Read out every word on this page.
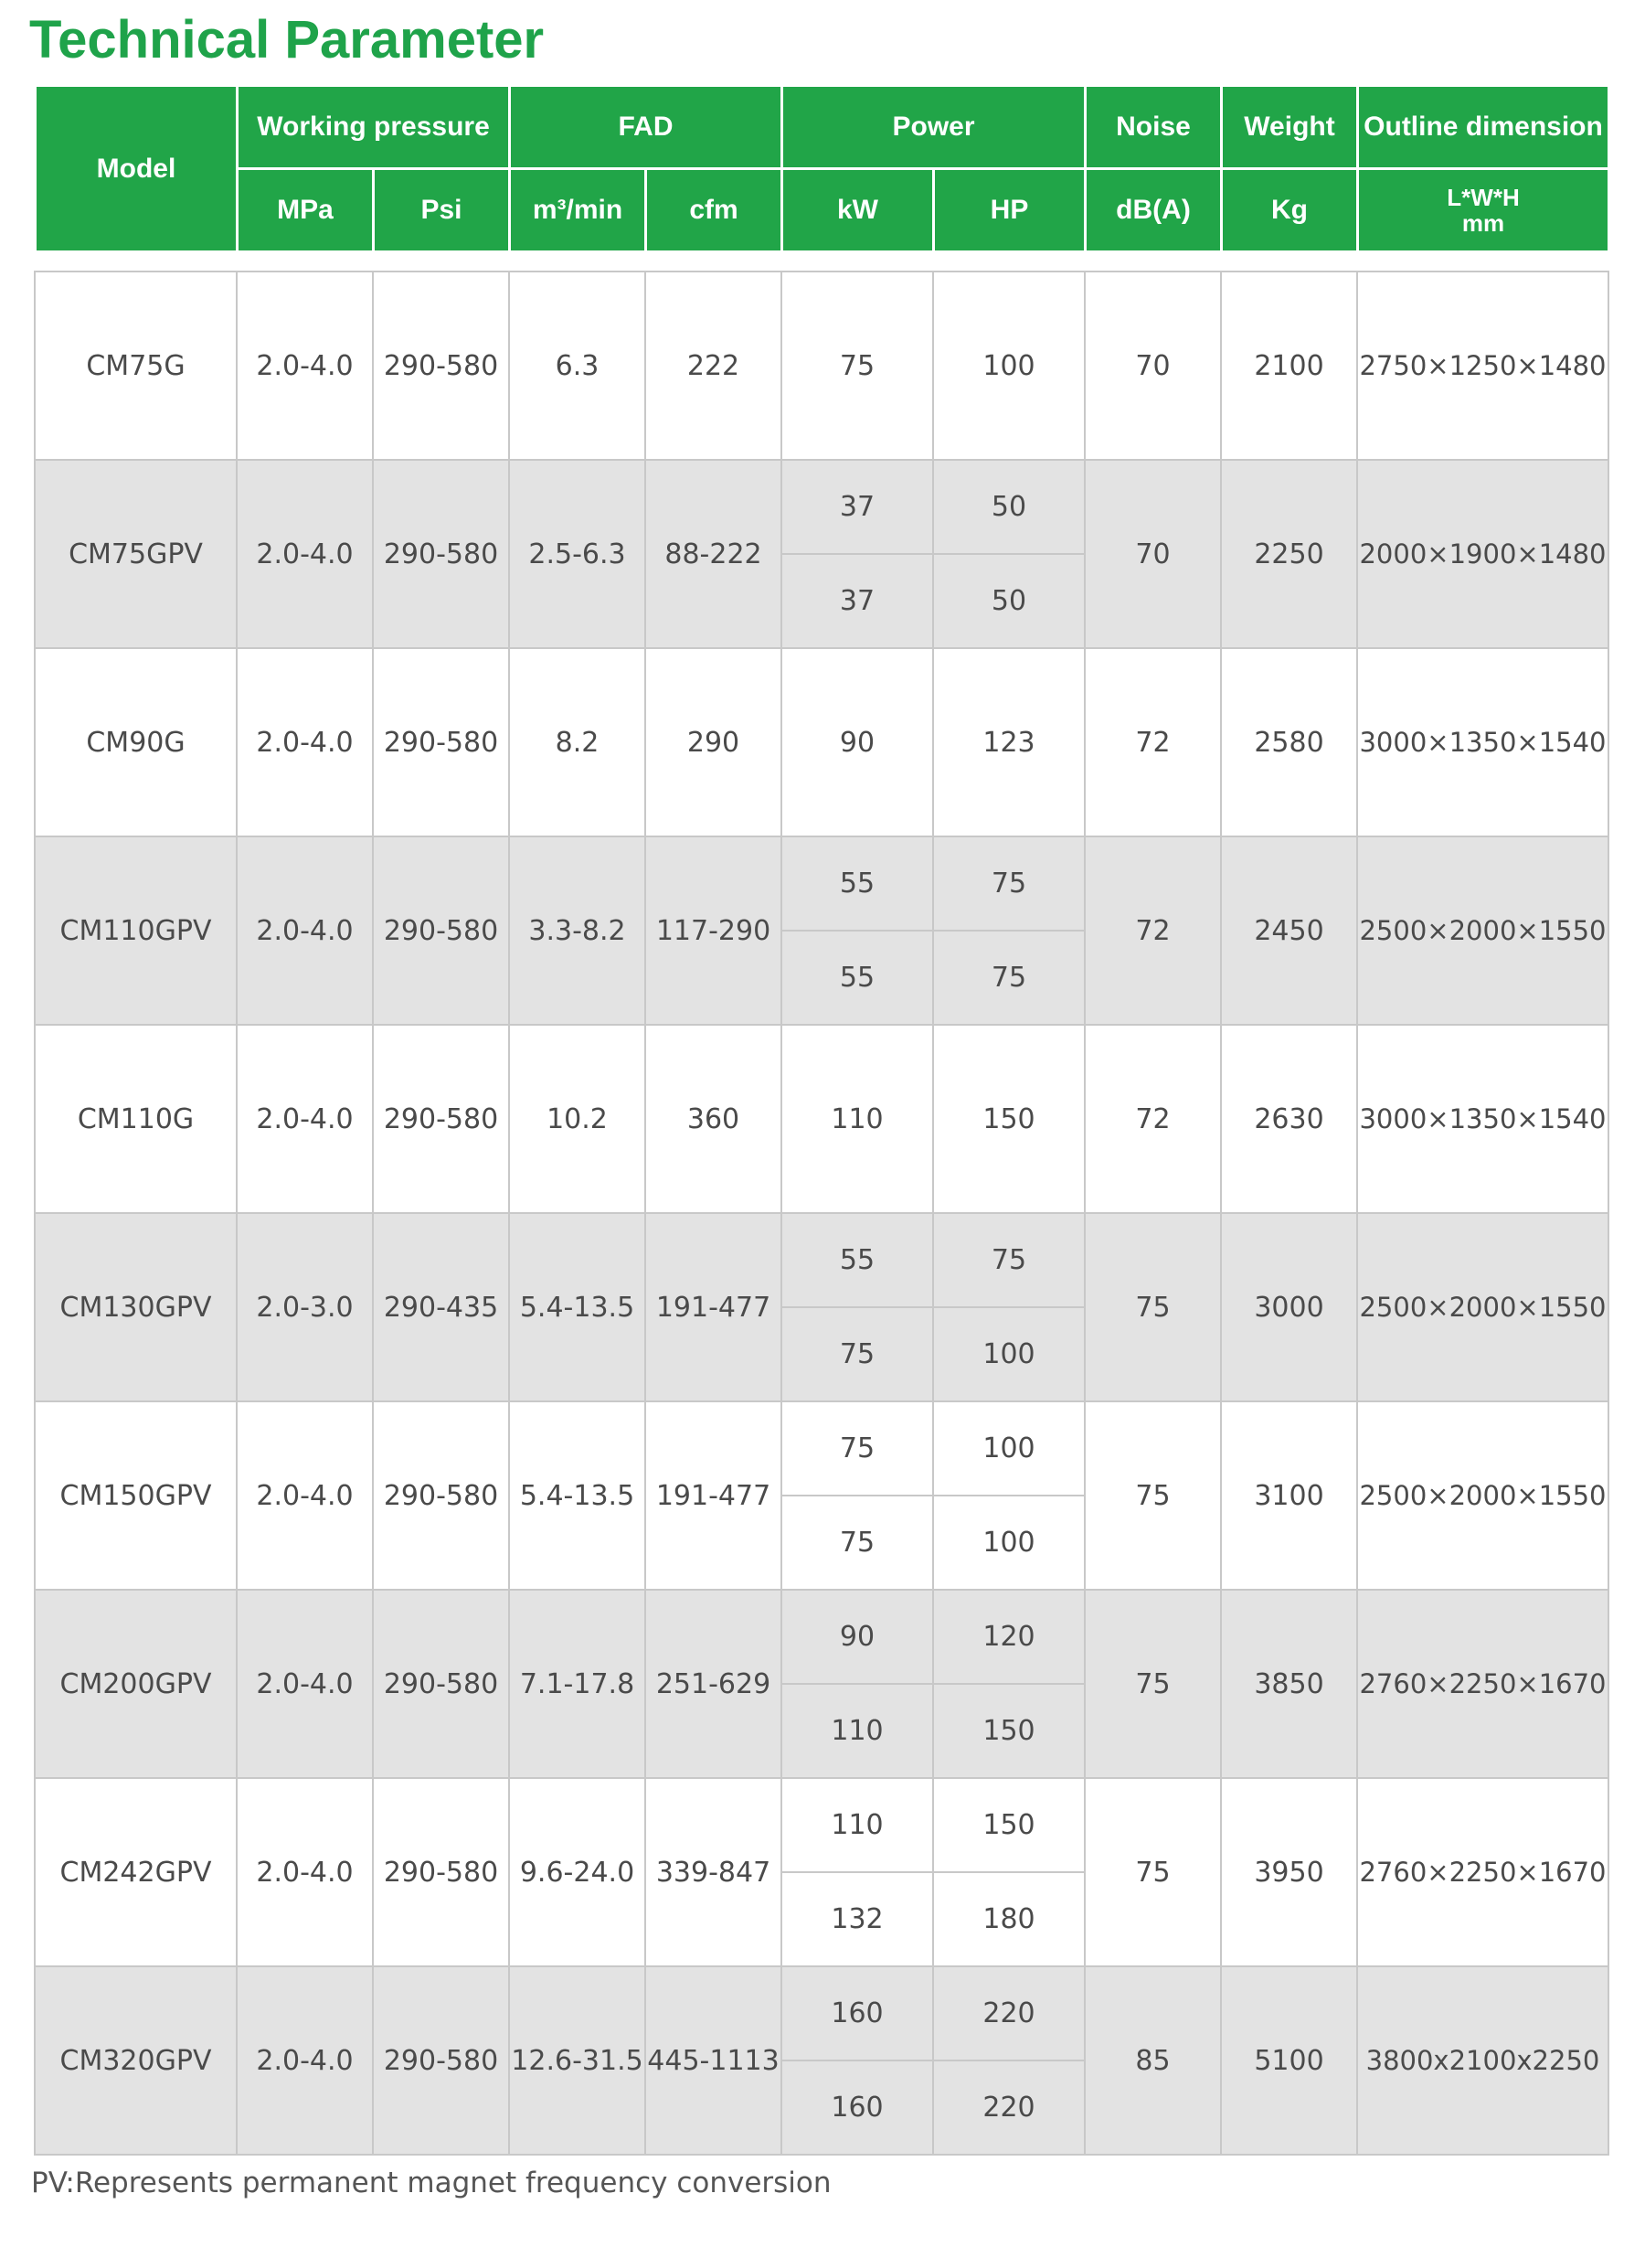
Technical Parameter
Model	Working pressure		FAD		Power		Noise	Weight	Outline dimension
	MPa	Psi	m³/min	cfm	kW	HP	dB(A)	Kg	L*W*H
mm
CM75G	2.0-4.0	290-580	6.3	222	75	100	70	2100	2750×1250×1480
CM75GPV	2.0-4.0	290-580	2.5-6.3	88-222	37	50	70	2250	2000×1900×1480
					37	50			
CM90G	2.0-4.0	290-580	8.2	290	90	123	72	2580	3000×1350×1540
CM110GPV	2.0-4.0	290-580	3.3-8.2	117-290	55	75	72	2450	2500×2000×1550
					55	75			
CM110G	2.0-4.0	290-580	10.2	360	110	150	72	2630	3000×1350×1540
CM130GPV	2.0-3.0	290-435	5.4-13.5	191-477	55	75	75	3000	2500×2000×1550
					75	100			
CM150GPV	2.0-4.0	290-580	5.4-13.5	191-477	75	100	75	3100	2500×2000×1550
					75	100			
CM200GPV	2.0-4.0	290-580	7.1-17.8	251-629	90	120	75	3850	2760×2250×1670
					110	150			
CM242GPV	2.0-4.0	290-580	9.6-24.0	339-847	110	150	75	3950	2760×2250×1670
					132	180			
CM320GPV	2.0-4.0	290-580	12.6-31.5	445-1113	160	220	85	5100	3800x2100x2250
					160	220			

PV:Represents permanent magnet frequency conversion
